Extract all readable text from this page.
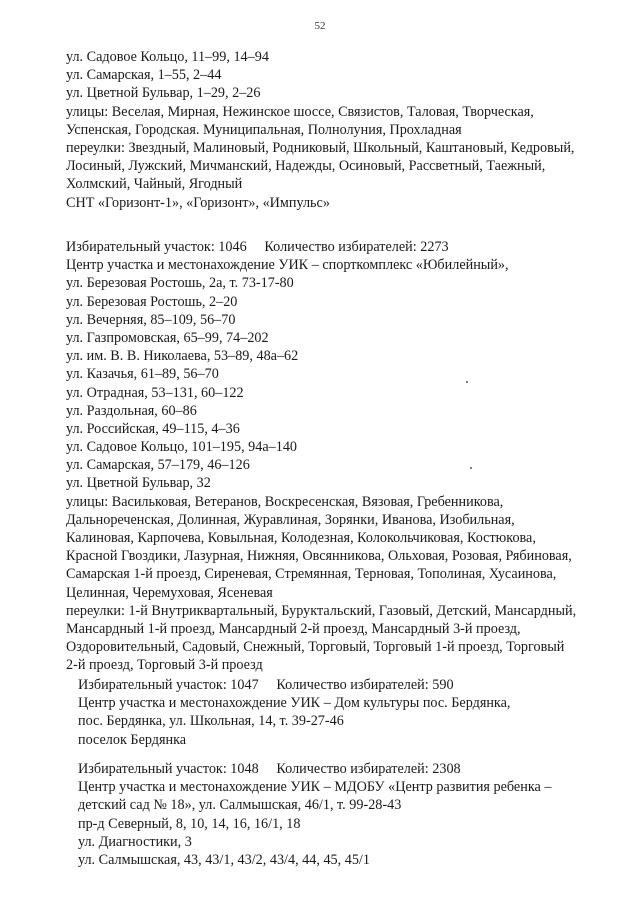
52
ул. Садовое Кольцо, 11–99, 14–94
ул. Самарская, 1–55, 2–44
ул. Цветной Бульвар, 1–29, 2–26
улицы: Веселая, Мирная, Нежинское шоссе, Связистов, Таловая, Творческая,
Успенская, Городская. Муниципальная, Полнолуния, Прохладная
переулки: Звездный, Малиновый, Родниковый, Школьный, Каштановый, Кедровый,
Лосиный, Лужский, Мичманский, Надежды, Осиновый, Рассветный, Таежный,
Холмский, Чайный, Ягодный
СНТ «Горизонт-1», «Горизонт», «Импульс»
Избирательный участок: 1046     Количество избирателей: 2273
Центр участка и местонахождение УИК – спорткомплекс «Юбилейный»,
ул. Березовая Ростошь, 2а, т. 73-17-80
ул. Березовая Ростошь, 2–20
ул. Вечерняя, 85–109, 56–70
ул. Газпромовская, 65–99, 74–202
ул. им. В. В. Николаева, 53–89, 48а–62
ул. Казачья, 61–89, 56–70
ул. Отрадная, 53–131, 60–122
ул. Раздольная, 60–86
ул. Российская, 49–115, 4–36
ул. Садовое Кольцо, 101–195, 94а–140
ул. Самарская, 57–179, 46–126
ул. Цветной Бульвар, 32
улицы: Васильковая, Ветеранов, Воскресенская, Вязовая, Гребенникова,
Дальнореченская, Долинная, Журавлиная, Зорянки, Иванова, Изобильная,
Калиновая, Карпочева, Ковыльная, Колодезная, Колокольчиковая, Костюкова,
Красной Гвоздики, Лазурная, Нижняя, Овсянникова, Ольховая, Розовая, Рябиновая,
Самарская 1-й проезд, Сиреневая, Стремянная, Терновая, Тополиная, Хусаинова,
Целинная, Черемуховая, Ясеневая
переулки: 1-й Внутриквартальный, Буруктальский, Газовый, Детский, Мансардный,
Мансардный 1-й проезд, Мансардный 2-й проезд, Мансардный 3-й проезд,
Оздоровительный, Садовый, Снежный, Торговый, Торговый 1-й проезд, Торговый
2-й проезд, Торговый 3-й проезд
Избирательный участок: 1047     Количество избирателей: 590
Центр участка и местонахождение УИК – Дом культуры пос. Бердянка,
пос. Бердянка, ул. Школьная, 14, т. 39-27-46
поселок Бердянка
Избирательный участок: 1048     Количество избирателей: 2308
Центр участка и местонахождение УИК – МДОБУ «Центр развития ребенка –
детский сад № 18», ул. Салмышская, 46/1, т. 99-28-43
пр-д Северный, 8, 10, 14, 16, 16/1, 18
ул. Диагностики, 3
ул. Салмышская, 43, 43/1, 43/2, 43/4, 44, 45, 45/1
